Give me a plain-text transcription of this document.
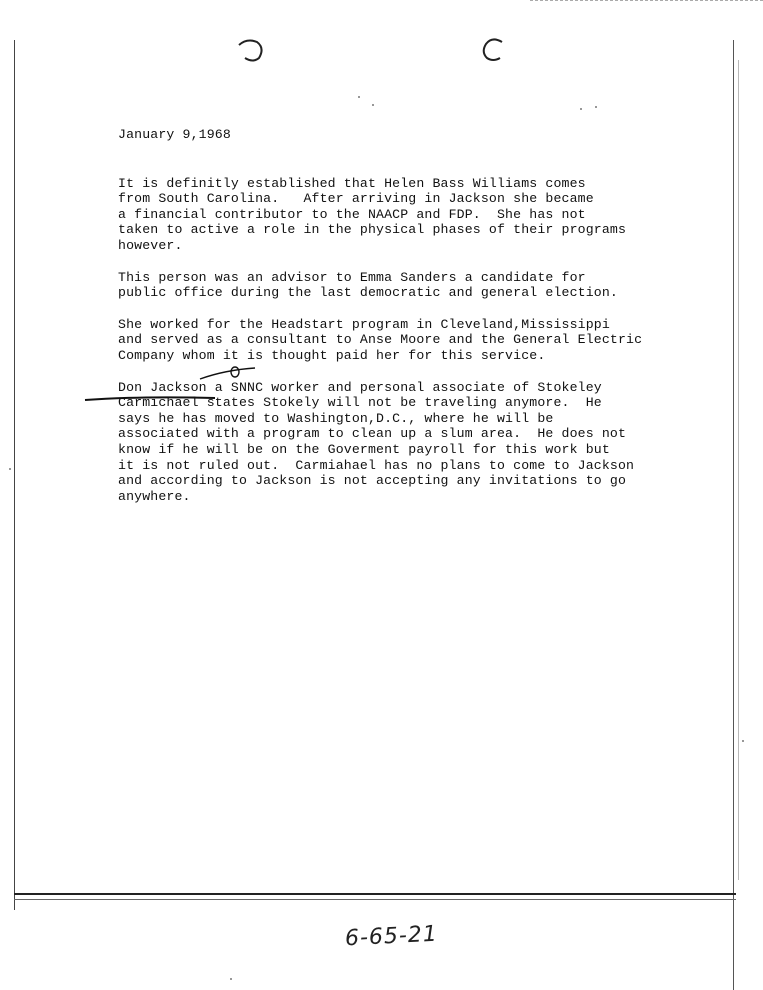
January 9,1968
It is definitly established that Helen Bass Williams comes
from South Carolina.   After arriving in Jackson she became
a financial contributor to the NAACP and FDP.  She has not
taken to active a role in the physical phases of their programs
however.
This person was an advisor to Emma Sanders a candidate for
public office during the last democratic and general election.
She worked for the Headstart program in Cleveland,Mississippi
and served as a consultant to Anse Moore and the General Electric
Company whom it is thought paid her for this service.
Don Jackson a SNNC worker and personal associate of Stokeley
Carmichael states Stokely will not be traveling anymore.  He
says he has moved to Washington,D.C., where he will be
associated with a program to clean up a slum area.  He does not
know if he will be on the Goverment payroll for this work but
it is not ruled out.  Carmiahael has no plans to come to Jackson
and according to Jackson is not accepting any invitations to go
anywhere.
6-65-21
